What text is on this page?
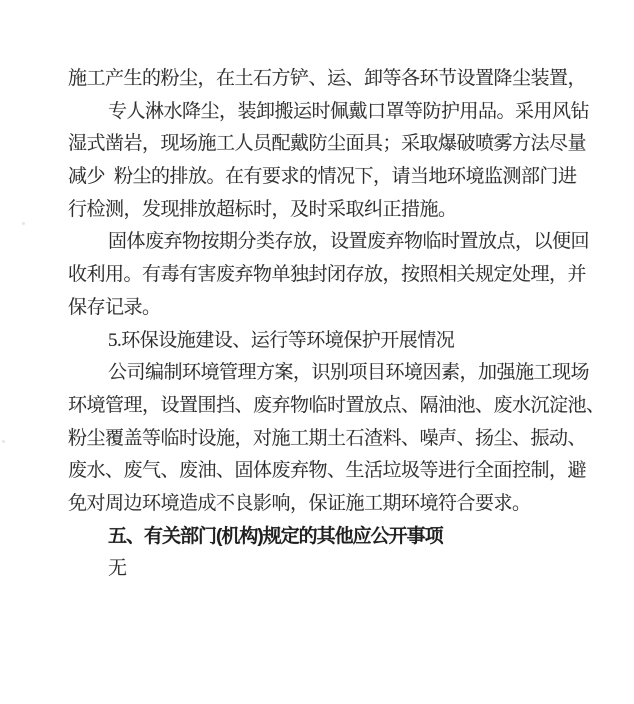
施工产生的粉尘，在土石方铲、运、卸等各环节设置降尘装置，
专人淋水降尘，装卸搬运时佩戴口罩等防护用品。采用风钻
湿式凿岩，现场施工人员配戴防尘面具；采取爆破喷雾方法尽量
减少 粉尘的排放。在有要求的情况下，请当地环境监测部门进
行检测，发现排放超标时，及时采取纠正措施。
固体废弃物按期分类存放，设置废弃物临时置放点，以便回
收利用。有毒有害废弃物单独封闭存放，按照相关规定处理，并
保存记录。
5.环保设施建设、运行等环境保护开展情况
公司编制环境管理方案，识别项目环境因素，加强施工现场
环境管理，设置围挡、废弃物临时置放点、隔油池、废水沉淀池、
粉尘覆盖等临时设施，对施工期土石渣料、噪声、扬尘、振动、
废水、废气、废油、固体废弃物、生活垃圾等进行全面控制，避
免对周边环境造成不良影响，保证施工期环境符合要求。
五、有关部门(机构)规定的其他应公开事项
无
